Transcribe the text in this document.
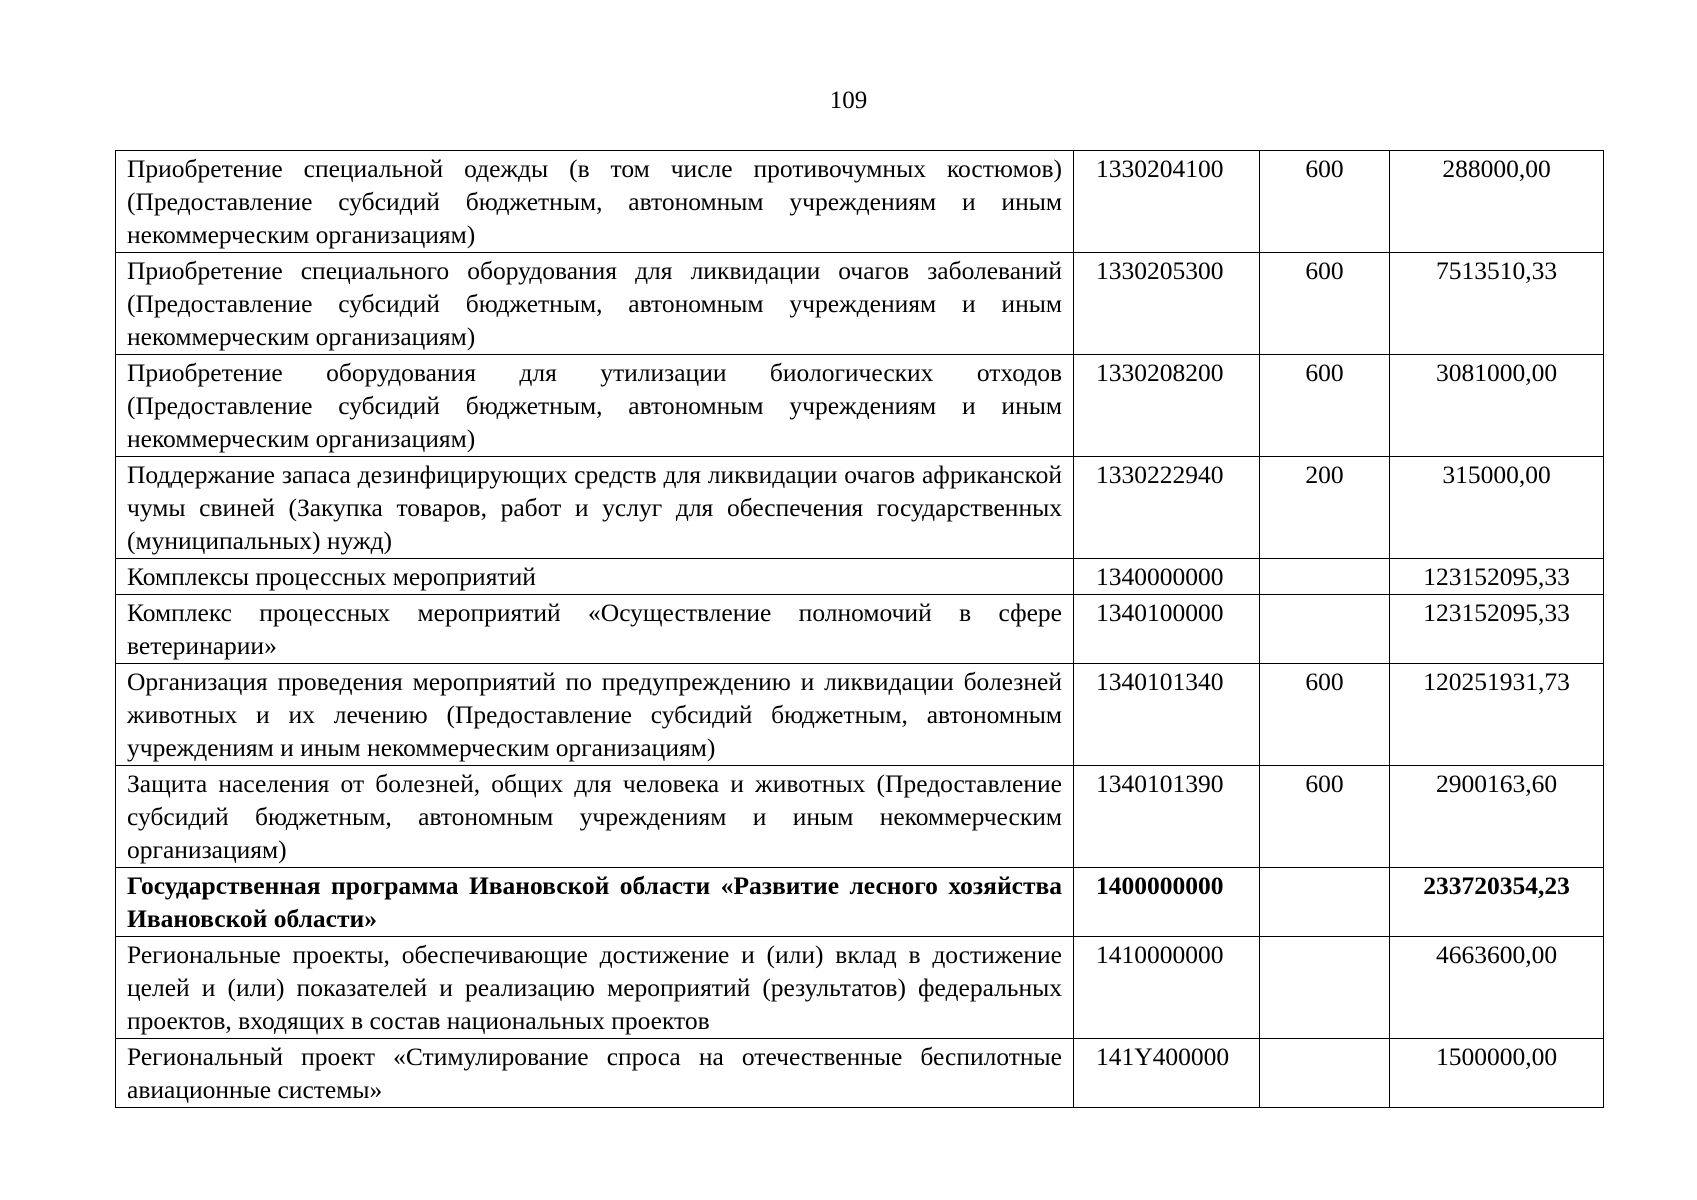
109
Приобретение специальной одежды (в том числе противочумных костюмов) (Предоставление субсидий бюджетным, автономным учреждениям и иным некоммерческим организациям)	1330204100	600	288000,00
Приобретение специального оборудования для ликвидации очагов заболеваний (Предоставление субсидий бюджетным, автономным учреждениям и иным некоммерческим организациям)	1330205300	600	7513510,33
Приобретение оборудования для утилизации биологических отходов (Предоставление субсидий бюджетным, автономным учреждениям и иным некоммерческим организациям)	1330208200	600	3081000,00
Поддержание запаса дезинфицирующих средств для ликвидации очагов африканской чумы свиней (Закупка товаров, работ и услуг для обеспечения государственных (муниципальных) нужд)	1330222940	200	315000,00
Комплексы процессных мероприятий	1340000000		123152095,33
Комплекс процессных мероприятий «Осуществление полномочий в сфере ветеринарии»	1340100000		123152095,33
Организация проведения мероприятий по предупреждению и ликвидации болезней животных и их лечению (Предоставление субсидий бюджетным, автономным учреждениям и иным некоммерческим организациям)	1340101340	600	120251931,73
Защита населения от болезней, общих для человека и животных (Предоставление субсидий бюджетным, автономным учреждениям и иным некоммерческим организациям)	1340101390	600	2900163,60
Государственная программа Ивановской области «Развитие лесного хозяйства Ивановской области»	1400000000		233720354,23
Региональные проекты, обеспечивающие достижение и (или) вклад в достижение целей и (или) показателей и реализацию мероприятий (результатов) федеральных проектов, входящих в состав национальных проектов	1410000000		4663600,00
Региональный проект «Стимулирование спроса на отечественные беспилотные авиационные системы»	141Y400000		1500000,00
